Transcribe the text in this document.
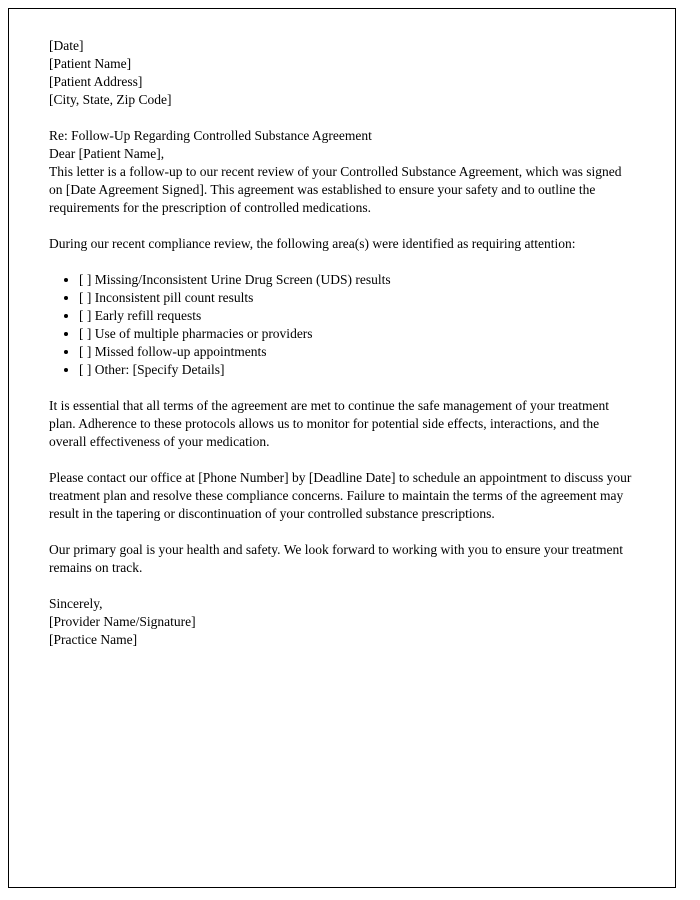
[Date]

[Patient Name]

[Patient Address]

[City, State, Zip Code]

Re: Follow-Up Regarding Controlled Substance Agreement

Dear [Patient Name],

This letter is a follow-up to our recent review of your Controlled Substance Agreement, which was signed on [Date Agreement Signed]. This agreement was established to ensure your safety and to outline the requirements for the prescription of controlled medications.

During our recent compliance review, the following area(s) were identified as requiring attention:

• [ ] Missing/Inconsistent Urine Drug Screen (UDS) results
• [ ] Inconsistent pill count results
• [ ] Early refill requests
• [ ] Use of multiple pharmacies or providers
• [ ] Missed follow-up appointments
• [ ] Other: [Specify Details]

It is essential that all terms of the agreement are met to continue the safe management of your treatment plan. Adherence to these protocols allows us to monitor for potential side effects, interactions, and the overall effectiveness of your medication.

Please contact our office at [Phone Number] by [Deadline Date] to schedule an appointment to discuss your treatment plan and resolve these compliance concerns. Failure to maintain the terms of the agreement may result in the tapering or discontinuation of your controlled substance prescriptions.

Our primary goal is your health and safety. We look forward to working with you to ensure your treatment remains on track.

Sincerely,

[Provider Name/Signature]

[Practice Name]
